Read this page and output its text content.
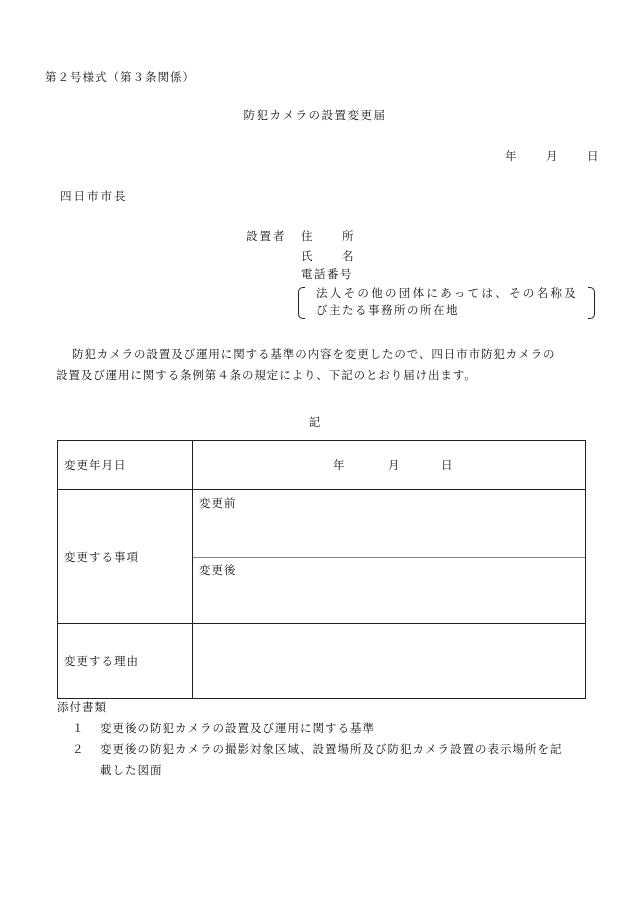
第２号様式（第３条関係）
防犯カメラの設置変更届
年 月 日
四日市市長
設置者 住 所
氏 名
電話番号
法人その他の団体にあっては、その名称及
び主たる事務所の所在地
防犯カメラの設置及び運用に関する基準の内容を変更したので、四日市市防犯カメラの
設置及び運用に関する条例第４条の規定により、下記のとおり届け出ます。
記
変更年月日	年 月 日

変更する事項	変更前
変更後

変更する理由	
添付書類
１ 変更後の防犯カメラの設置及び運用に関する基準
２ 変更後の防犯カメラの撮影対象区域、設置場所及び防犯カメラ設置の表示場所を記
載した図面
